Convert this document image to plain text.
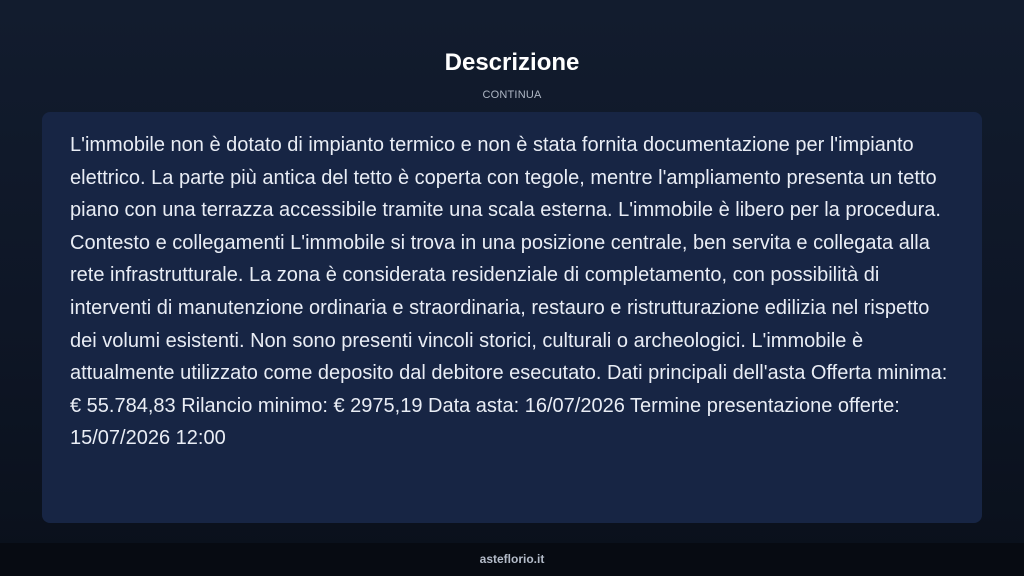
Descrizione
CONTINUA

L'immobile non è dotato di impianto termico e non è stata fornita documentazione per l'impianto elettrico. La parte più antica del tetto è coperta con tegole, mentre l'ampliamento presenta un tetto piano con una terrazza accessibile tramite una scala esterna. L'immobile è libero per la procedura. Contesto e collegamenti L'immobile si trova in una posizione centrale, ben servita e collegata alla rete infrastrutturale. La zona è considerata residenziale di completamento, con possibilità di interventi di manutenzione ordinaria e straordinaria, restauro e ristrutturazione edilizia nel rispetto dei volumi esistenti. Non sono presenti vincoli storici, culturali o archeologici. L'immobile è attualmente utilizzato come deposito dal debitore esecutato. Dati principali dell'asta Offerta minima: € 55.784,83 Rilancio minimo: € 2975,19 Data asta: 16/07/2026 Termine presentazione offerte: 15/07/2026 12:00

asteflorio.it
